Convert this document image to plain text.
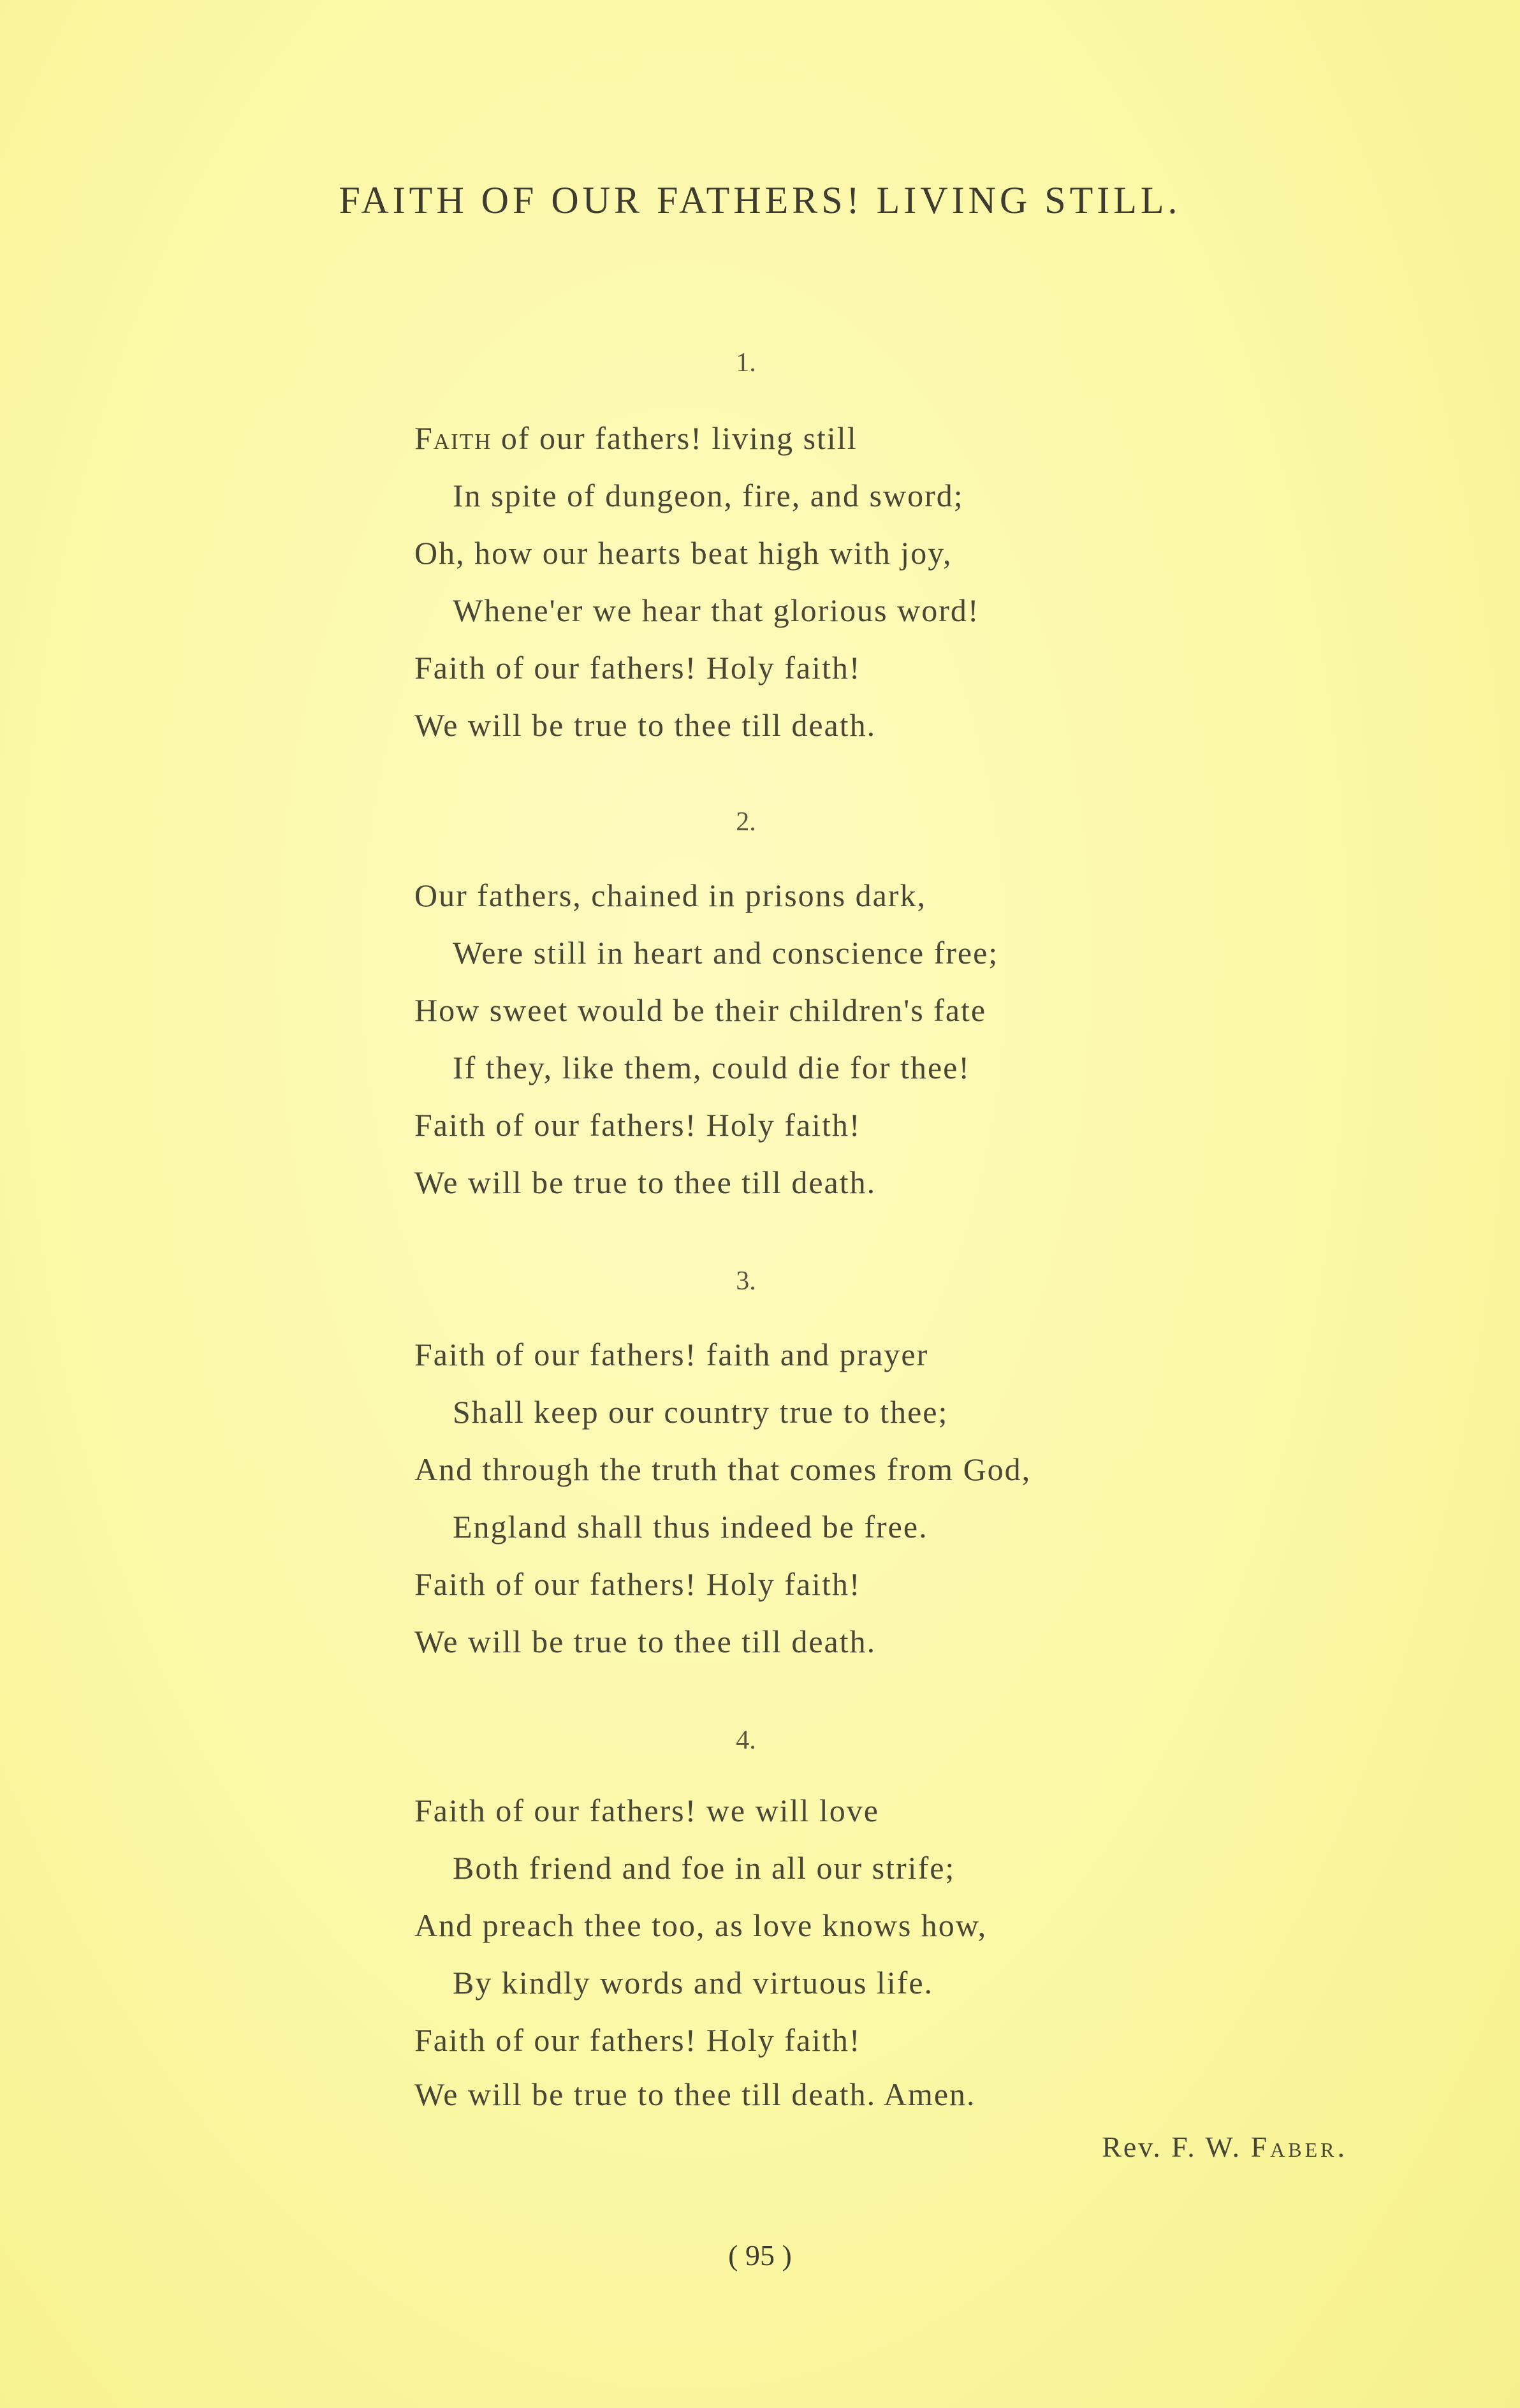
FAITH OF OUR FATHERS! LIVING STILL.
1.
Faith of our fathers! living still
In spite of dungeon, fire, and sword;
Oh, how our hearts beat high with joy,
Whene'er we hear that glorious word!
Faith of our fathers! Holy faith!
We will be true to thee till death.
2.
Our fathers, chained in prisons dark,
Were still in heart and conscience free;
How sweet would be their children's fate
If they, like them, could die for thee!
Faith of our fathers! Holy faith!
We will be true to thee till death.
3.
Faith of our fathers! faith and prayer
Shall keep our country true to thee;
And through the truth that comes from God,
England shall thus indeed be free.
Faith of our fathers! Holy faith!
We will be true to thee till death.
4.
Faith of our fathers! we will love
Both friend and foe in all our strife;
And preach thee too, as love knows how,
By kindly words and virtuous life.
Faith of our fathers! Holy faith!
We will be true to thee till death. Amen.
Rev. F. W. Faber.
( 95 )
